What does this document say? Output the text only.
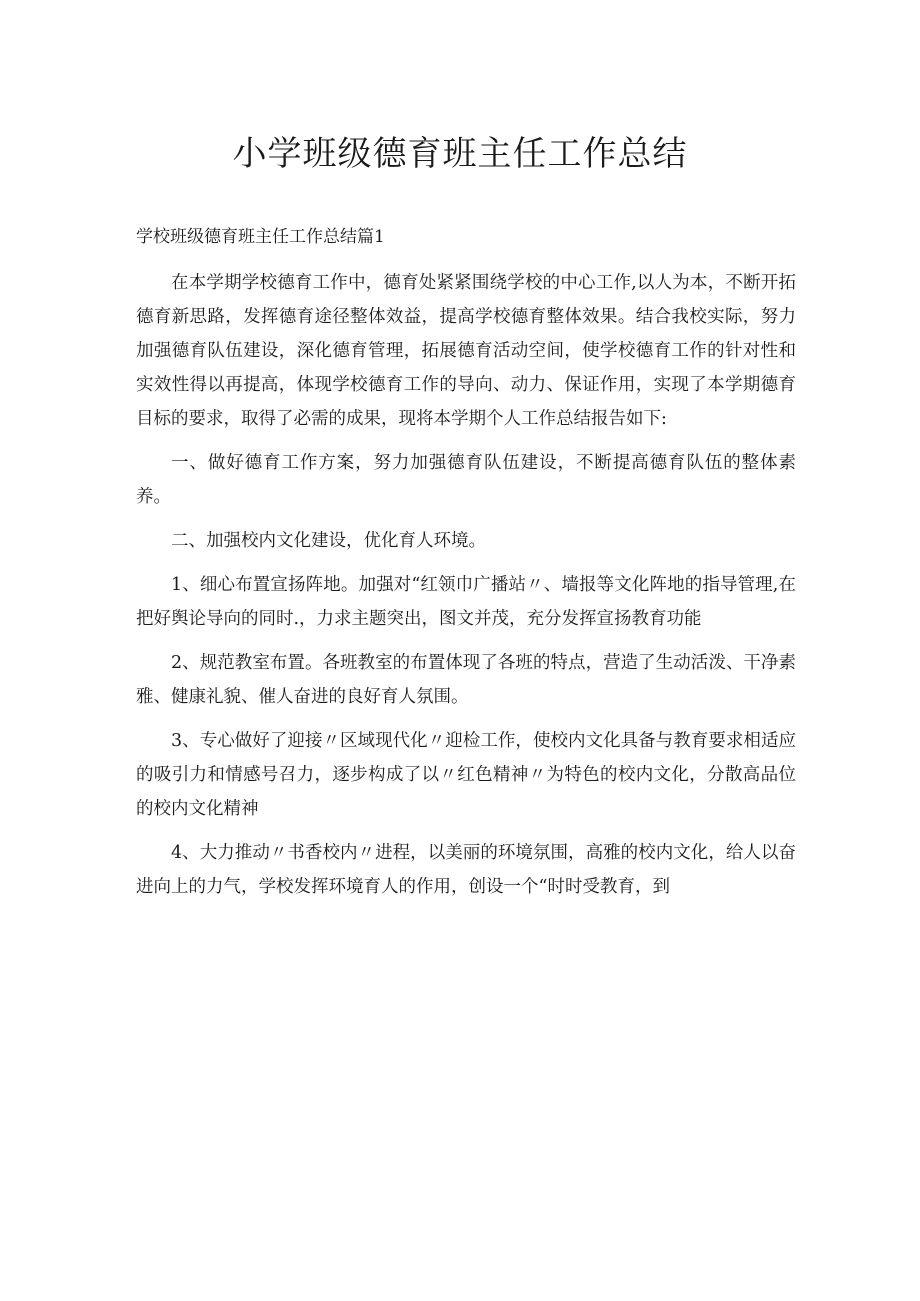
小学班级德育班主任工作总结
学校班级德育班主任工作总结篇1

在本学期学校德育工作中，德育处紧紧围绕学校的中心工作,以人为本，不断开拓德育新思路，发挥德育途径整体效益，提高学校德育整体效果。结合我校实际，努力加强德育队伍建设，深化德育管理，拓展德育活动空间，使学校德育工作的针对性和实效性得以再提高，体现学校德育工作的导向、动力、保证作用，实现了本学期德育目标的要求，取得了必需的成果，现将本学期个人工作总结报告如下:

一、做好德育工作方案，努力加强德育队伍建设，不断提高德育队伍的整体素养。

二、加强校内文化建设，优化育人环境。

1、细心布置宣扬阵地。加强对“红领巾广播站〃、墙报等文化阵地的指导管理,在把好舆论导向的同时.，力求主题突出，图文并茂，充分发挥宣扬教育功能

2、规范教室布置。各班教室的布置体现了各班的特点，营造了生动活泼、干净素雅、健康礼貌、催人奋进的良好育人氛围。

3、专心做好了迎接〃区域现代化〃迎检工作，使校内文化具备与教育要求相适应的吸引力和情感号召力，逐步构成了以〃红色精神〃为特色的校内文化，分散高品位的校内文化精神

4、大力推动〃书香校内〃进程，以美丽的环境氛围，高雅的校内文化，给人以奋进向上的力气，学校发挥环境育人的作用，创设一个“时时受教育，到
